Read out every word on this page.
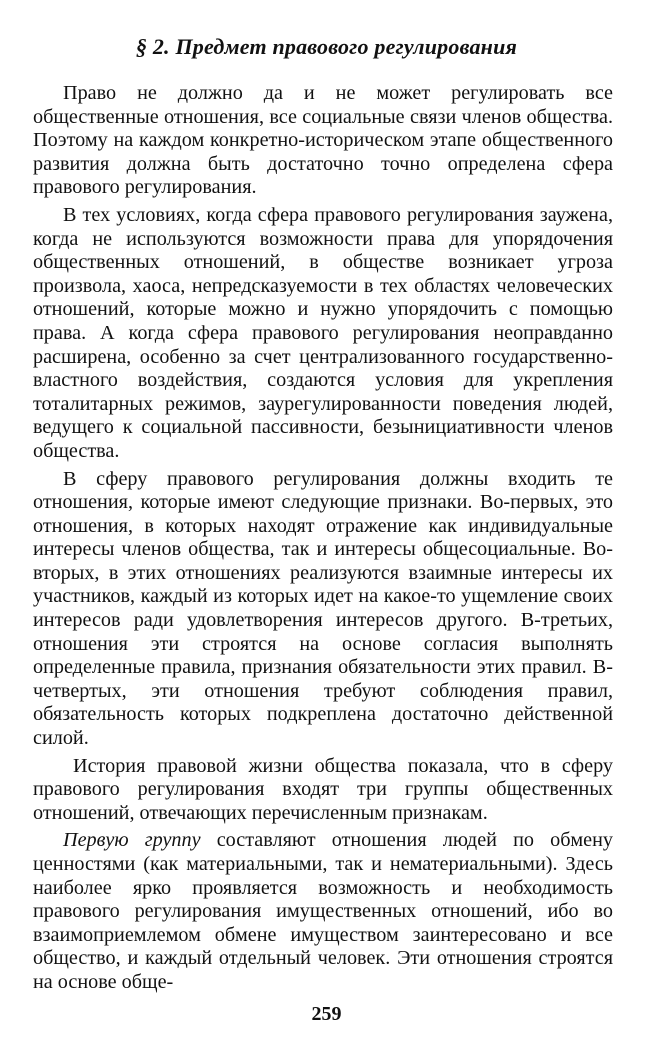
§ 2. Предмет правового регулирования

Право не должно да и не может регулировать все общественные отношения, все социальные связи членов общества. Поэтому на каждом конкретно-историческом этапе общественного развития должна быть достаточно точно определена сфера правового регулирования.

В тех условиях, когда сфера правового регулирования заужена, когда не используются возможности права для упорядочения общественных отношений, в обществе возникает угроза произвола, хаоса, непредсказуемости в тех областях человеческих отношений, которые можно и нужно упорядочить с помощью права. А когда сфера правового регулирования неоправданно расширена, особенно за счет централизованного государственно-властного воздействия, создаются условия для укрепления тоталитарных режимов, заурегулированности поведения людей, ведущего к социальной пассивности, безынициативности членов общества.

В сферу правового регулирования должны входить те отношения, которые имеют следующие признаки. Во-первых, это отношения, в которых находят отражение как индивидуальные интересы членов общества, так и интересы общесоциальные. Во-вторых, в этих отношениях реализуются взаимные интересы их участников, каждый из которых идет на какое-то ущемление своих интересов ради удовлетворения интересов другого. В-третьих, отношения эти строятся на основе согласия выполнять определенные правила, признания обязательности этих правил. В-четвертых, эти отношения требуют соблюдения правил, обязательность которых подкреплена достаточно действенной силой.

История правовой жизни общества показала, что в сферу правового регулирования входят три группы общественных отношений, отвечающих перечисленным признакам.

Первую группу составляют отношения людей по обмену ценностями (как материальными, так и нематериальными). Здесь наиболее ярко проявляется возможность и необходимость правового регулирования имущественных отношений, ибо во взаимоприемлемом обмене имуществом заинтересовано и все общество, и каждый отдельный человек. Эти отношения строятся на основе обще-

259
